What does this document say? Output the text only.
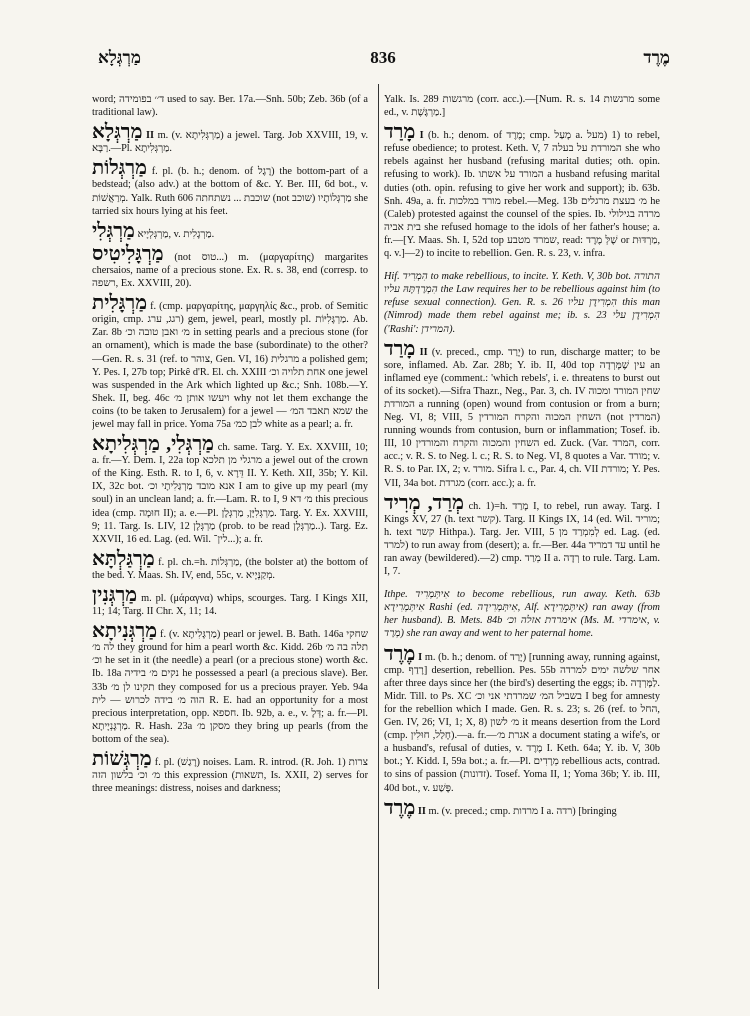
מַרְגְּלָא	836	מֶרֶד

word; ד׳׳ בפומידה used to say. Ber. 17a.—Snh. 50b; Zeb. 36b (of a traditional law).

מַרְגְּלָא II m. (v. מַרְגְּלִיתָא) a jewel. Targ. Job XXVIII, 19, v. רַבָּא.—Pl. מַרְגְּלִיתָא.

מַרְגְּלוֹת f. pl. (b. h.; denom. of רֶגֶל) the bottom-part of a bedstead; (also adv.) at the bottom of &c. Y. Ber. III, 6d bot., v. מְרַאֲשׁוֹת. Yalk. Ruth 606 שוכבת ... נשתחתה (not שוכב) מַרְגְּלוֹתָיו she tarried six hours lying at his feet.

מַרְגְּלִי מַרְגְּלְיָיא, v. מַרְגָלִית.

מַרְגָּלִיטִיס (not טוס...) m. (μαργαρίτης) margarites chersaios, name of a precious stone. Ex. R. s. 38, end (corresp. to רשפה, Ex. XXVIII, 20).

מַרְגָּלִית f. (cmp. μαργαρίτης, μαργηλίς &c., prob. of Semitic origin, cmp. רגג, ערג) gem, jewel, pearl, mostly pl. מַרְגָּלִיּוֹת. Ab. Zar. 8b מ׳ ואבן טובה וכ׳ in setting pearls and a precious stone (for an ornament), which is made the base (subordinate) to the other?—Gen. R. s. 31 (ref. to צוהר, Gen. VI, 16) מרגלית a polished gem; Y. Pes. I, 27b top; Pirkê d'R. El. ch. XXIII אחת תלויה וכ׳ one jewel was suspended in the Ark which lighted up &c.; Snh. 108b.—Y. Shek. II, beg. 46c ויעשו אותן מ׳ why not let them exchange the coins (to be taken to Jerusalem) for a jewel — שמא תאבד המ׳ the jewel may fall in price. Yoma 75a לבן כמ׳ white as a pearl; a. fr.

מַרְגְּלִי, מַרְגְּלִיתָא ch. same. Targ. Y. Ex. XXVIII, 10; a. fr.—Y. Dem. I, 22a top מרגלי מן תלכא a jewel out of the crown of the King. Esth. R. to I, 6, v. דֵּרָא II. Y. Keth. XII, 35b; Y. Kil. IX, 32c bot. אנא מובד מַרְגַּלִיתָי וכ׳ I am to give up my pearl (my soul) in an unclean land; a. fr.—Lam. R. to I, 9 מ׳ דא this precious idea (cmp. חוּמָה II); a. e.—Pl. מַרְגְּלִיָּן, מַרְגְּלָן. Targ. Y. Ex. XXVIII, 9; 11. Targ. Is. LIV, 12 מַרְגְּלָן (prob. to be read מַרְגְּלָן..). Targ. Ez. XXVII, 16 ed. Lag. (ed. Wil. לין־...); a. fr.

מַרְגַּלְתָּא f. pl. ch.=h. מַרְגְּלוֹת, (the bolster at) the bottom of the bed. Y. Maas. Sh. IV, end, 55c, v. מְקַנְּיָיא.

מַרְגְּנִין m. pl. (μάραγνα) whips, scourges. Targ. I Kings XII, 11; 14; Targ. II Chr. X, 11; 14.

מַרְגְּנִיתָא f. (v. מַרְגָּלִיתָא) pearl or jewel. B. Bath. 146a שחקי לה מ׳ they ground for him a pearl worth &c. Kidd. 26b תלה בה מ׳ וכ׳ he set in it (the needle) a pearl (or a precious stone) worth &c. Ib. 18a נקים מ׳ בידיה he possessed a pearl (a precious slave). Ber. 33b תקינו לן מ׳ they composed for us a precious prayer. Yeb. 94a הוה מ׳ בידה לכרוש — לית R. E. had an opportunity for a most precious interpretation, opp. חספא. Ib. 92b, a. e., v. דְּלָ; a. fr.—Pl. מַרְגָּנְיָיתָא. R. Hash. 23a מסקן מ׳ they bring up pearls (from the bottom of the sea).

מַרְגְּשׁוֹת f. pl. (רָגַשׁ) noises. Lam. R. introd. (R. Joh. 1) צרות מ׳ וכ׳ בלשון הזה this expression (תשאות, Is. XXII, 2) serves for three meanings: distress, noises and darkness;

Yalk. Is. 289 מרגשות (corr. acc.).—[Num. R. s. 14 מרגשות some ed., v. מַרְגֶּשֶׁת.]

מָרַד I (b. h.; denom. of מֶרֶד; cmp. מָעַל a. מעל) 1) to rebel, refuse obedience; to protest. Keth. V, 7 המורדת על בעלה she who rebels against her husband (refusing marital duties; oth. opin. refusing to work). Ib. המורד על אשתו a husband refusing marital duties (oth. opin. refusing to give her work and support); ib. 63b. Snh. 49a, a. fr. מורד במלכות rebel.—Meg. 13b מ׳ בעצת מרגלים he (Caleb) protested against the counsel of the spies. Ib. מרדה בגילולי בית אביה she refused homage to the idols of her father's house; a. fr.—[Y. Maas. Sh. I, 52d top שמרד מטבע, read: שֶׁלְּ מֶרֶד or מַרְדּוּת, q. v.]—2) to incite to rebellion. Gen. R. s. 23, v. infra.

Hif. הִמְרִיד to make rebellious, to incite. Y. Keth. V, 30b bot. התורה הִמְרַדְתָּהּ עליו the Law requires her to be rebellious against him (to refuse sexual connection). Gen. R. s. 26 הִמְרִידָן עליו this man (Nimrod) made them rebel against me; ib. s. 23 הִמְרִידָן עלי ('Rashi': המרידן).

מָרַד II (v. preced., cmp. יָרַד) to run, discharge matter; to be sore, inflamed. Ab. Zar. 28b; Y. ib. II, 40d top עין שֶׁמָּרְדָה an inflamed eye (comment.: 'which rebels', i. e. threatens to burst out of its socket).—Sifra Thazr., Neg., Par. 3, ch. IV שחין המורד ומכוה המורדת a running (open) wound from contusion or from a burn; Neg. VI, 8; VIII, 5 השחין המכוה והקרח המורדין (not המרדין) running wounds from contusion, burn or inflammation; Tosef. ib. III, 10 השחין והמכוה והקרח והמורדין ed. Zuck. (Var. המרד, corr. acc.; v. R. S. to Neg. l. c.; R. S. to Neg. VI, 8 quotes a Var. מורד; v. R. S. to Par. IX, 2; v. מורד. Sifra l. c., Par. 4, ch. VII מורדת; Y. Pes. VII, 34a bot. מגרדת (corr. acc.); a. fr.

מְרַד, מְרִיד ch. 1)=h. מָרַד I, to rebel, run away. Targ. I Kings XV, 27 (h. text קשר). Targ. II Kings IX, 14 (ed. Wil. מוריד; h. text קשר Hithpa.). Targ. Jer. VIII, 5 לְמִמְרַד מן ed. Lag. (ed. למרד) to run away from (desert); a. fr.—Ber. 44a עד דמריד until he ran away (bewildered).—2) cmp. מְרַד II a. רְדָה to rule. Targ. Lam. I, 7.

Ithpe. אִיתְּמְרִיד to become rebellious, run away. Keth. 63b אִיתְּמְרִידָא Rashi (ed. אִיתְּמְרִידָה, Alf. אִיתְּמְרִידָא) ran away (from her husband). B. Mets. 84b אימרדת אזלה וכ׳ (Ms. M. אימרדי, v. מְרַד) she ran away and went to her paternal home.

מֶרֶד I m. (b. h.; denom. of יָרַד) [running away, running against, cmp. רָדַף] desertion, rebellion. Pes. 55b אחר שלשה ימים למרדה after three days since her (the bird's) deserting the eggs; ib. לַמָּרְדָה. Midr. Till. to Ps. XC בשביל המ׳ שמרדתי אני וכ׳ I beg for amnesty for the rebellion which I made. Gen. R. s. 23; s. 26 (ref. to החל, Gen. IV, 26; VI, 1; X, 8) מ׳ לשון it means desertion from the Lord (cmp. חָלַל, חוּלִין).—a. fr.—אגרת מ׳ a document stating a wife's, or a husband's, refusal of duties, v. מֶרֶד I. Keth. 64a; Y. ib. V, 30b bot.; Y. Kidd. I, 59a bot.; a. fr.—Pl. מְרָדִים rebellious acts, contrad. to sins of passion (זדונות). Tosef. Yoma II, 1; Yoma 36b; Y. ib. III, 40d bot., v. פֶּשַׁע.

מֶרֶד II m. (v. preced.; cmp. מרדות I a. רדה) [bringing
